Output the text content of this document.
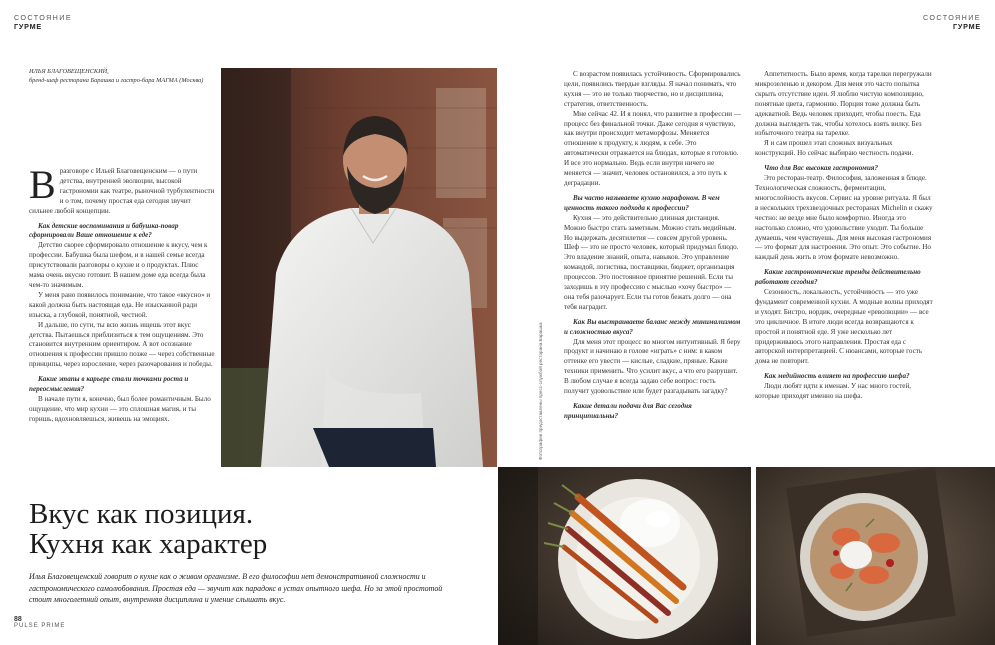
СОСТОЯНИЕ
ГУРМЕ
СОСТОЯНИЕ
ГУРМЕ
ИЛЬЯ БЛАГОВЕЩЕНСКИЙ,
бренд-шеф ресторана Барашка и гастро-бара МАГМА (Москва)

Вразговоре с Ильей Благовещенским — о пути детства, внутренней эволюции, высокой гастрономии как театре, рыночной турбулентности и о том, почему простая еда сегодня звучит сильнее любой концепции.

Как детские воспоминания и бабушка-повар сформировали Ваше отношение к еде?

Детство скорее сформировало отношение к вкусу, чем к профессии. Бабушка была шефом, и в нашей семье всегда присутствовали разговоры о кухне и о продуктах. Плюс мама очень вкусно готовит. В нашем доме еда всегда была чем-то значимым.

У меня рано появилось понимание, что такое «вкусно» и какой должна быть настоящая еда. Не изысканной ради изыска, а глубокой, понятной, честной.

И дальше, по сути, ты всю жизнь ищешь этот вкус детства. Пытаешься приблизиться к тем ощущениям. Это становится внутренним ориентиром. А вот осознание отношения к профессии пришло позже — через собственные принципы, через взросление, через разочарования и победы.

Какие этапы в карьере стали точками роста и переосмысления?

В начале пути я, конечно, был более романтичным. Было ощущение, что мир кухни — это сплошная магия, и ты горишь, вдохновляешься, живешь на эмоциях.	Фотографии предоставлены пресс-службой ресторана Барашка

С возрастом появилась устойчивость. Сформировались цели, появились твердые взгляды. Я начал понимать, что кухня — это не только творчество, но и дисциплина, стратегия, ответственность.

Мне сейчас 42. И я понял, что развитие в профессии — процесс без финальной точки. Даже сегодня я чувствую, как внутри происходит метаморфозы. Меняется отношение к продукту, к людям, к себе. Это автоматически отражается на блюдах, которые я готовлю. И все это нормально. Ведь если внутри ничего не меняется — значит, человек остановился, а это путь к деградации.

Вы часто называете кухню марафоном. В чем ценность такого подхода к профессии?

Кухня — это действительно длинная дистанция. Можно быстро стать заметным. Можно стать медийным. Но выдержать десятилетия — совсем другой уровень. Шеф — это не просто человек, который придумал блюдо. Это владение знаний, опыта, навыков. Это управление командой, логистика, поставщики, бюджет, организация процессов. Это постоянное принятие решений. Если ты заходишь в эту профессию с мыслью «хочу быстро» — она тебя разочарует. Если ты готов бежать долго — она тебя наградит.

Как Вы выстраиваете баланс между минимализмом и сложностью вкуса?

Для меня этот процесс во многом интуитивный. Я беру продукт и начинаю в голове «играть» с ним: в каком оттенке его увести — кислые, сладкие, пряные. Какие техники применить. Что усилит вкус, а что его разрушит. В любом случае я всегда задаю себе вопрос: гость получит удовольствие или будет разгадывать загадку?

Какие детали подачи для Вас сегодня принципиальны?

Аппетитность. Было время, когда тарелки перегружали микрозеленью и декором. Для меня это часто попытка скрыть отсутствие идеи. Я люблю чистую композицию, понятные цвета, гармонию. Порция тоже должна быть адекватной. Ведь человек приходит, чтобы поесть. Еда должна выглядеть так, чтобы хотелось взять вилку. Без избыточного театра на тарелке.

Я и сам прошел этап сложных визуальных конструкций. Но сейчас выбираю честность подачи.

Что для Вас высокая гастрономия?

Это ресторан-театр. Философия, заложенная в блюде. Технологическая сложность, ферментации, многослойность вкусов. Сервис на уровне ритуала. Я был в нескольких трехзвездочных ресторанах Michelin и скажу честно: не везде мне было комфортно. Иногда это настолько сложно, что удовольствие уходит. Ты больше думаешь, чем чувствуешь. Для меня высокая гастрономия — это формат для настроения. Это опыт. Это событие. Но каждый день жить в этом формате невозможно.

Какие гастрономические тренды действительно работают сегодня?

Сезонность, локальность, устойчивость — это уже фундамент современной кухни. А модные волны приходят и уходят. Бистро, нордик, очередные «революции» — все это цикличное. В итоге люди всегда возвращаются к простой и понятной еде. Я уже несколько лет придерживаюсь этого направления. Простая еда с авторской интерпретацией. С нюансами, которые гость дома не повторит.

Как медийность влияет на профессию шефа?

Люди любят идти к именам. У нас много гостей, которые приходят именно на шефа.

Вкус как позиция.
Кухня как характер
Илья Благовещенский говорит о кухне как о живом организме. В его философии нет демонстративной сложности и гастрономического самолюбования. Простая еда — звучит как парадокс в устах опытного шефа. Но за этой простотой стоит многолетний опыт, внутренняя дисциплина и умение слышать вкус.
88
PULSE PRIME
